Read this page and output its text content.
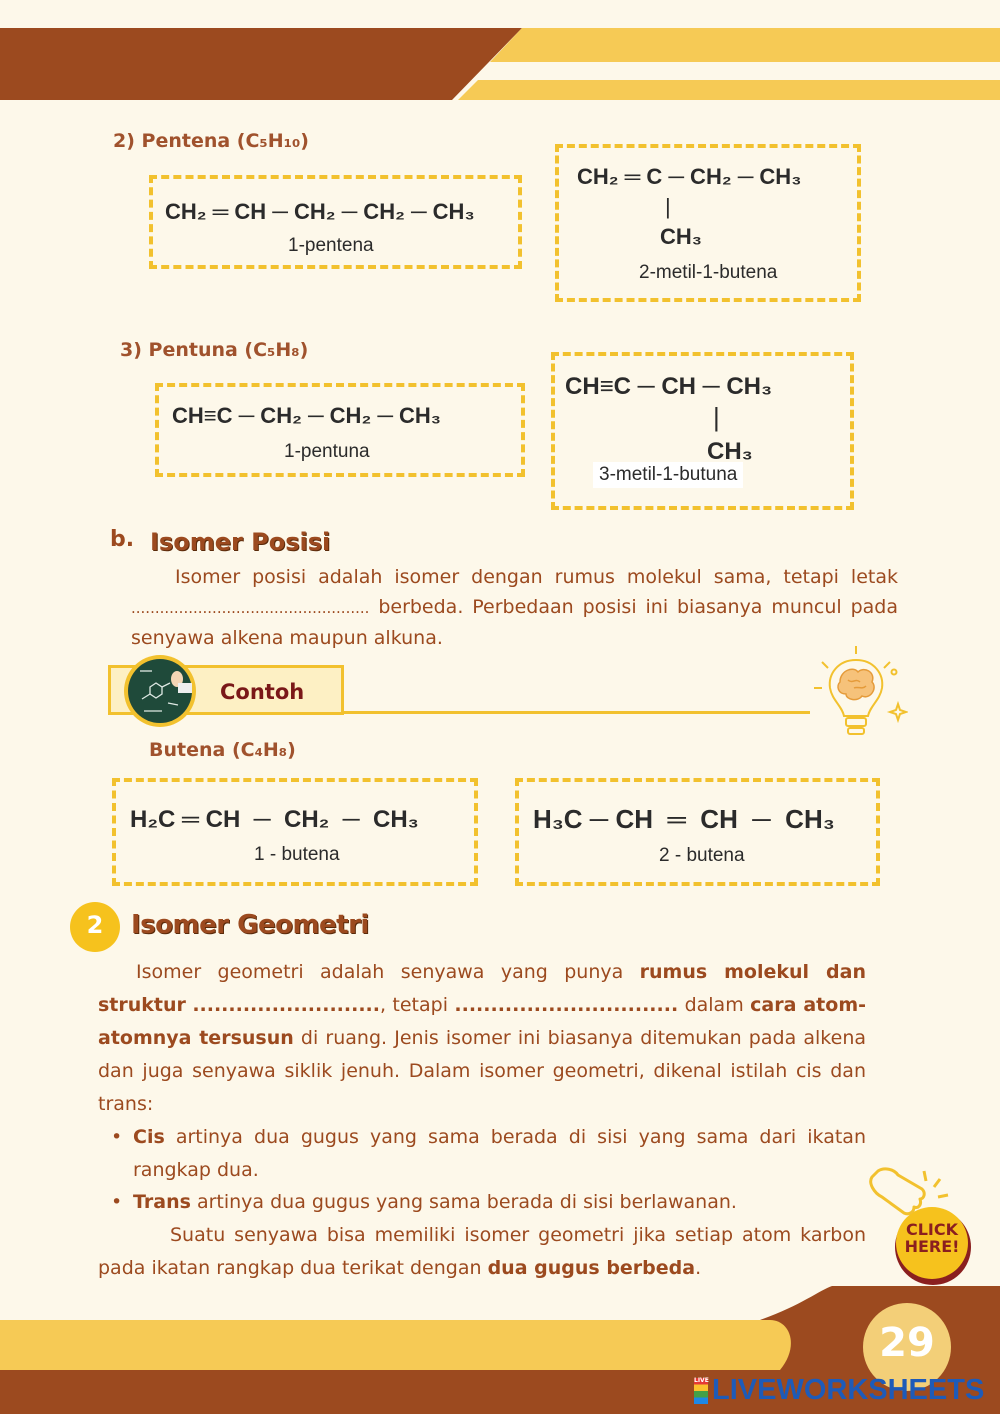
2) Pentena (C₅H₁₀)
CH₂ ═ CH ─ CH₂ ─ CH₂ ─ CH₃
1-pentena
CH₂ ═ C ─ CH₂ ─ CH₃
|
CH₃
2-metil-1-butena
3) Pentuna (C₅H₈)
CH≡C ─ CH₂ ─ CH₂ ─ CH₃
1-pentuna
CH≡C ─ CH ─ CH₃
|
CH₃
3-metil-1-butuna
b. Isomer Posisi
Isomer posisi adalah isomer dengan rumus molekul sama, tetapi letak .................................................. berbeda. Perbedaan posisi ini biasanya muncul pada senyawa alkena maupun alkuna.
Contoh
Butena (C₄H₈)
H₂C ═ CH  ─  CH₂  ─  CH₃
1 - butena
H₃C ─ CH  ═  CH  ─  CH₃
2 - butena
2	Isomer Geometri
Isomer geometri adalah senyawa yang punya rumus molekul dan struktur .........................., tetapi ............................... dalam cara atom-atomnya tersusun di ruang. Jenis isomer ini biasanya ditemukan pada alkena dan juga senyawa siklik jenuh. Dalam isomer geometri, dikenal istilah cis dan trans:
• Cis artinya dua gugus yang sama berada di sisi yang sama dari ikatan rangkap dua.
• Trans artinya dua gugus yang sama berada di sisi berlawanan.
Suatu senyawa bisa memiliki isomer geometri jika setiap atom karbon pada ikatan rangkap dua terikat dengan dua gugus berbeda.
CLICK HERE!
29
LIVE LIVEWORKSHEETS
